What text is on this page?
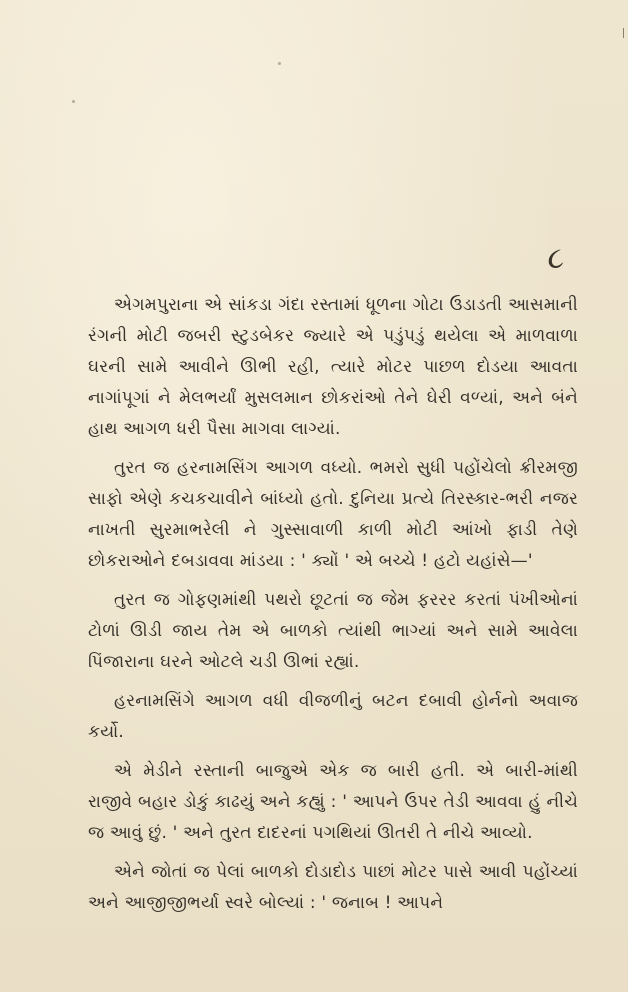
૮

એગમપુરાના એ સાંકડા ગંદા રસ્તામાં ધૂળના ગોટા ઉડાડતી આસમાની રંગની મોટી જબરી સ્ટુડબેકર જ્યારે એ પડુંપડું થયેલા એ માળવાળા ઘરની સામે આવીને ઊભી રહી, ત્યારે મોટર પાછળ દોડયા આવતા નાગાંપૂગાં ને મેલભર્યાં મુસલમાન છોકરાંઓ તેને ઘેરી વળ્યાં, અને બંને હાથ આગળ ધરી પૈસા માગવા લાગ્યાં.

તુરત જ હરનામસિંગ આગળ વધ્યો. ભમરો સુધી પહોંચેલો ક્રીરમજી સાફો એણે કચકચાવીને બાંધ્યો હતો. દુનિયા પ્રત્યે તિરસ્કાર-ભરી નજર નાખતી સુરમાભરેલી ને ગુસ્સાવાળી કાળી મોટી આંખો ફાડી તેણે છોકરાઓને દબડાવવા માંડયા : ' ક્યોં ' એ બચ્ચે ! હટો યહાંસે—'

તુરત જ ગોફણમાંથી પથરો છૂટતાં જ જેમ ફરરર કરતાં પંખીઓનાં ટોળાં ઊડી જાય તેમ એ બાળકો ત્યાંથી ભાગ્યાં અને સામે આવેલા પિંજારાના ઘરને ઓટલે ચડી ઊભાં રહ્યાં.

હરનામસિંગે આગળ વધી વીજળીનું બટન દબાવી હોર્નનો અવાજ કર્યો.

એ મેડીને રસ્તાની બાજુએ એક જ બારી હતી. એ બારી-માંથી રાજીવે બહાર ડોકું કાઢયું અને કહ્યું : ' આપને ઉપર તેડી આવવા હું નીચે જ આવું છું. ' અને તુરત દાદરનાં પગથિયાં ઊતરી તે નીચે આવ્યો.

એને જોતાં જ પેલાં બાળકો દોડાદોડ પાછાં મોટર પાસે આવી પહોંચ્યાં અને આજીજીભર્યા સ્વરે બોલ્યાં : ' જનાબ ! આપને
